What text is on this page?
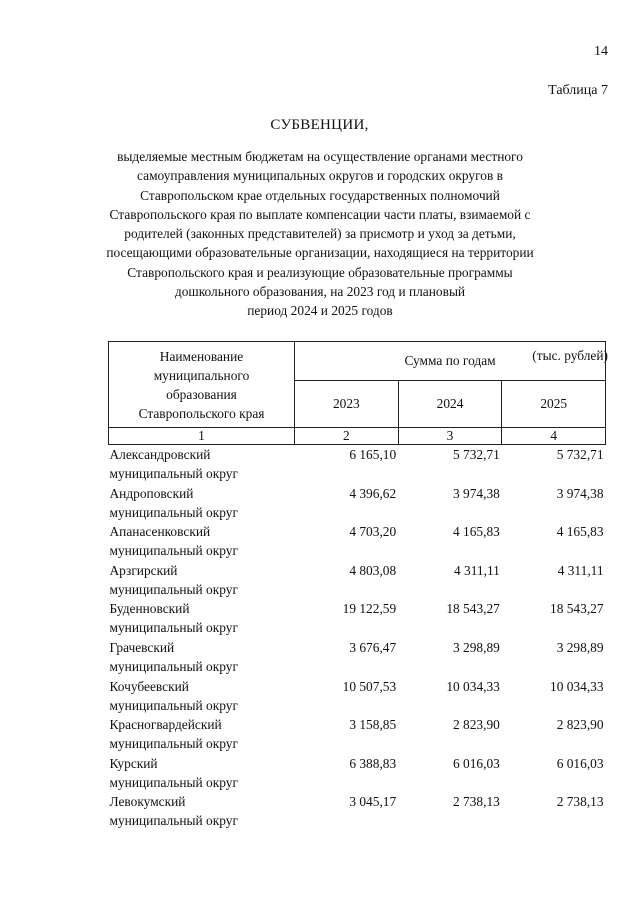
14
Таблица 7
СУБВЕНЦИИ,
выделяемые местным бюджетам на осуществление органами местного
самоуправления муниципальных округов и городских округов в
Ставропольском крае отдельных государственных полномочий
Ставропольского края по выплате компенсации части платы, взимаемой с
родителей (законных представителей) за присмотр и уход за детьми,
посещающими образовательные организации, находящиеся на территории
Ставропольского края и реализующие образовательные программы
дошкольного образования, на 2023 год и плановый
период 2024 и 2025 годов
(тыс. рублей)
Наименование
муниципального
образования
Ставропольского края	Сумма по годам		
	2023	2024	2025
1	2	3	4

Александровский
муниципальный округ	6 165,10	5 732,71	5 732,71

Андроповский
муниципальный округ	4 396,62	3 974,38	3 974,38

Апанасенковский
муниципальный округ	4 703,20	4 165,83	4 165,83

Арзгирский
муниципальный округ	4 803,08	4 311,11	4 311,11

Буденновский
муниципальный округ	19 122,59	18 543,27	18 543,27

Грачевский
муниципальный округ	3 676,47	3 298,89	3 298,89

Кочубеевский
муниципальный округ	10 507,53	10 034,33	10 034,33

Красногвардейский
муниципальный округ	3 158,85	2 823,90	2 823,90

Курский
муниципальный округ	6 388,83	6 016,03	6 016,03

Левокумский
муниципальный округ	3 045,17	2 738,13	2 738,13
